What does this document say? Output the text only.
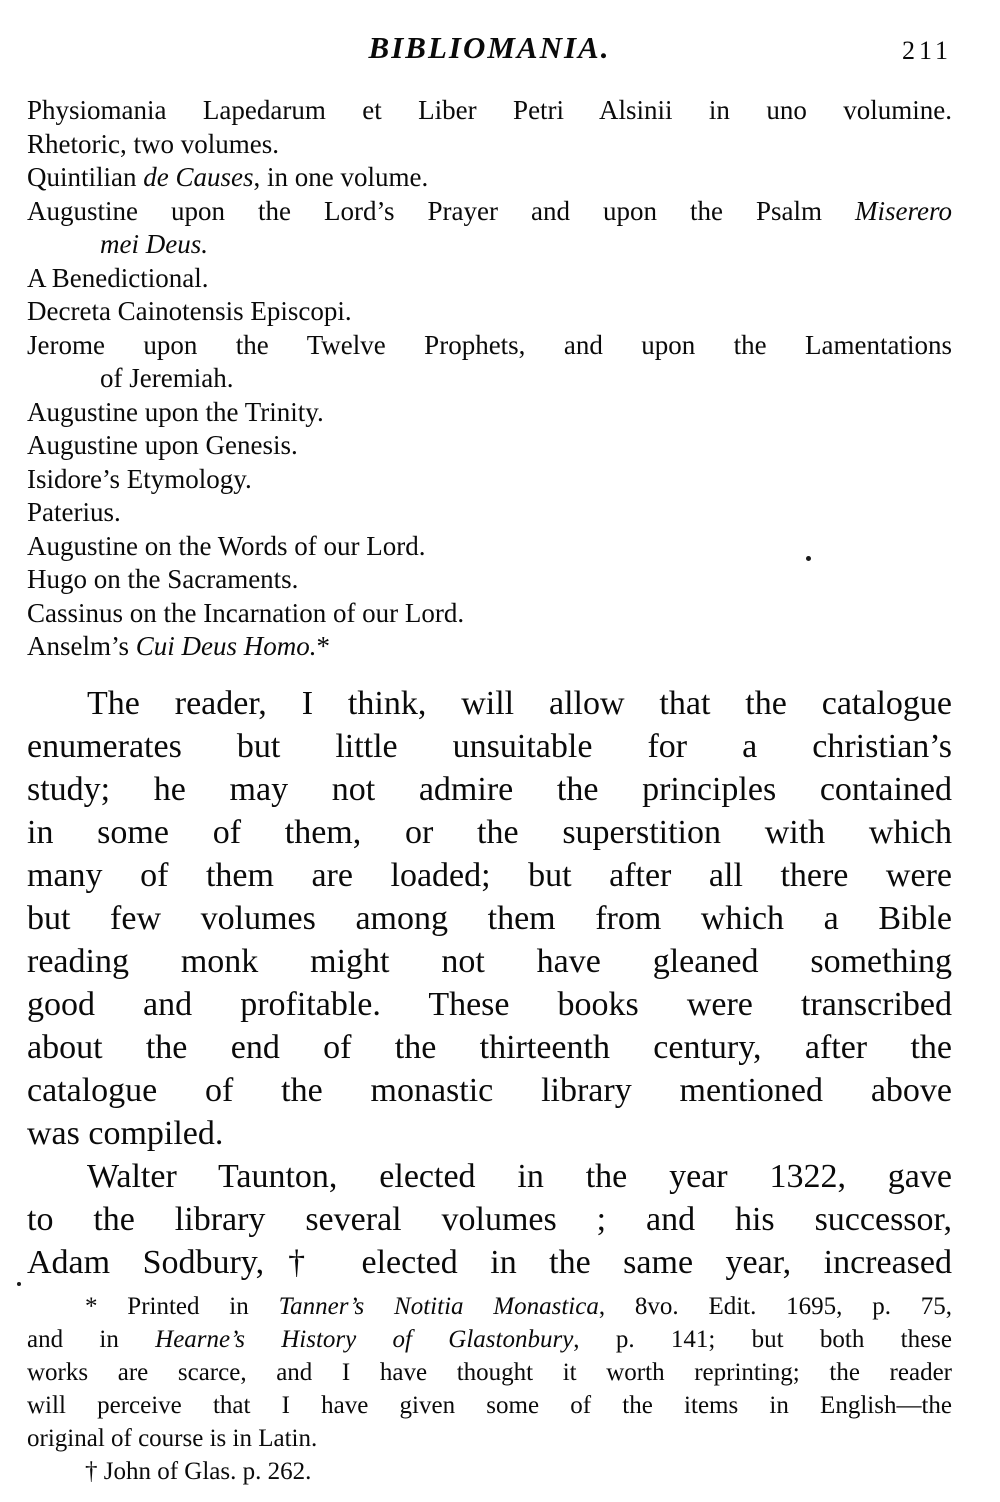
BIBLIOMANIA.	211
Physiomania Lapedarum et Liber Petri Alsinii in uno volumine.
Rhetoric, two volumes.
Quintilian de Causes, in one volume.
Augustine upon the Lord’s Prayer and upon the Psalm Miserero
mei Deus.
A Benedictional.
Decreta Cainotensis Episcopi.
Jerome upon the Twelve Prophets, and upon the Lamentations
of Jeremiah.
Augustine upon the Trinity.
Augustine upon Genesis.
Isidore’s Etymology.
Paterius.
Augustine on the Words of our Lord.
Hugo on the Sacraments.
Cassinus on the Incarnation of our Lord.
Anselm’s Cui Deus Homo.*
The reader, I think, will allow that the catalogue
enumerates but little unsuitable for a christian’s
study; he may not admire the principles contained
in some of them, or the superstition with which
many of them are loaded; but after all there were
but few volumes among them from which a Bible
reading monk might not have gleaned something
good and profitable. These books were transcribed
about the end of the thirteenth century, after the
catalogue of the monastic library mentioned above
was compiled.
Walter Taunton, elected in the year 1322, gave
to the library several volumes ; and his successor,
Adam Sodbury,† elected in the same year, increased
* Printed in Tanner’s Notitia Monastica, 8vo. Edit. 1695, p. 75,
and in Hearne’s History of Glastonbury, p. 141; but both these
works are scarce, and I have thought it worth reprinting; the reader
will perceive that I have given some of the items in English—the
original of course is in Latin.
† John of Glas. p. 262.
